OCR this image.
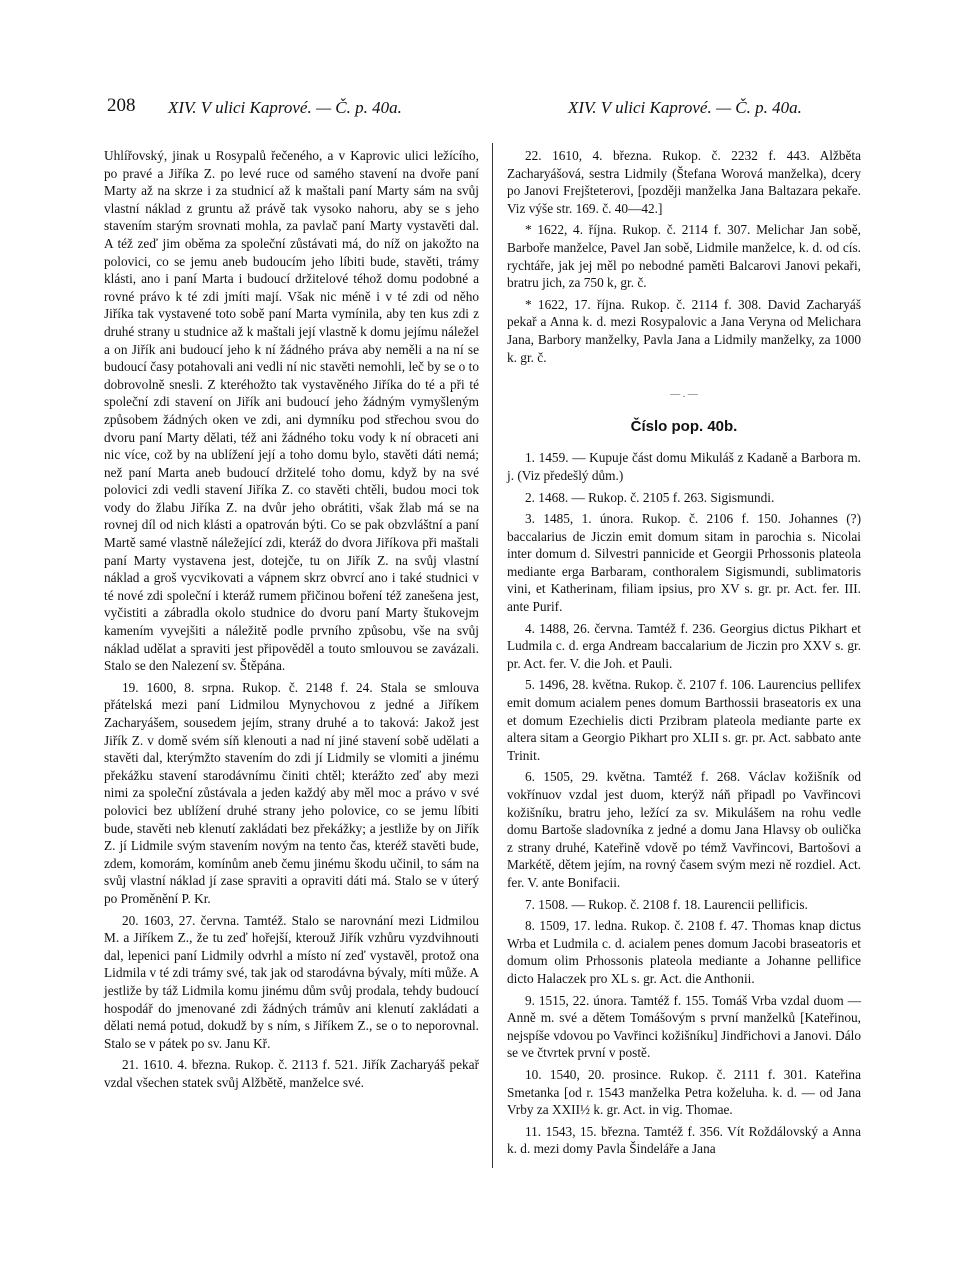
208 XIV. V ulici Kaprové. — Č. p. 40a.	XIV. V ulici Kaprové. — Č. p. 40a.

Uhlířovský, jinak u Rosypalů řečeného, a v Kaprovic ulici ležícího, po pravé a Jiříka Z. po levé ruce od samého stavení na dvoře paní Marty až na skrze i za studnicí až k maštali paní Marty sám na svůj vlastní náklad z gruntu až právě tak vysoko nahoru, aby se s jeho stavením starým srovnati mohla, za pavlač paní Marty vystavěti dal. A též zeď jim oběma za společní zůstávati má, do níž on jakožto na polovici, co se jemu aneb budoucím jeho líbiti bude, stavěti, trámy klásti, ano i paní Marta i budoucí držitelové téhož domu podobné a rovné právo k té zdi jmíti mají. Však nic méně i v té zdi od něho Jiříka tak vystavené toto sobě paní Marta vymínila, aby ten kus zdi z druhé strany u studnice až k maštali její vlastně k domu jejímu náležel a on Jiřík ani budoucí jeho k ní žádného práva aby neměli a na ní se budoucí časy potahovali ani vedli ní nic stavěti nemohli, leč by se o to dobrovolně snesli. Z kteréhožto tak vystavěného Jiříka do té a při té společní zdi stavení on Jiřík ani budoucí jeho žádným vymyšleným způsobem žádných oken ve zdi, ani dymníku pod střechou svou do dvoru paní Marty dělati, též ani žádného toku vody k ní obraceti ani nic více, což by na ublížení její a toho domu bylo, stavěti dáti nemá; než paní Marta aneb budoucí držitelé toho domu, když by na své polovici zdi vedli stavení Jiříka Z. co stavěti chtěli, budou moci tok vody do žlabu Jiříka Z. na dvůr jeho obrátiti, však žlab má se na rovnej díl od nich klásti a opatrován býti. Co se pak obzvláštní a paní Martě samé vlastně náležející zdi, kteráž do dvora Jiříkova při maštali paní Marty vystavena jest, dotejče, tu on Jiřík Z. na svůj vlastní náklad a groš vycvikovati a vápnem skrz obvrcí ano i také studnici v té nové zdi společní i kteráž rumem přičinou boření též zanešena jest, vyčistiti a zábradla okolo studnice do dvoru paní Marty štukovejm kamením vyvejšiti a náležitě podle prvního způsobu, vše na svůj náklad udělat a spraviti jest připověděl a touto smlouvou se zavázali. Stalo se den Nalezení sv. Štěpána.

19. 1600, 8. srpna. Rukop. č. 2148 f. 24. Stala se smlouva přátelská mezi paní Lidmilou Mynychovou z jedné a Jiříkem Zacharyášem, sousedem jejím, strany druhé a to taková: Jakož jest Jiřík Z. v domě svém síň klenouti a nad ní jiné stavení sobě udělati a stavěti dal, kterýmžto stavením do zdi jí Lidmily se vlomiti a jinému překážku stavení starodávnímu činiti chtěl; kterážto zeď aby mezi nimi za společní zůstávala a jeden každý aby měl moc a právo v své polovici bez ublížení druhé strany jeho polovice, co se jemu líbiti bude, stavěti neb klenutí zakládati bez překážky; a jestliže by on Jiřík Z. jí Lidmile svým stavením novým na tento čas, kteréž stavěti bude, zdem, komorám, komínům aneb čemu jinému škodu učinil, to sám na svůj vlastní náklad jí zase spraviti a opraviti dáti má. Stalo se v úterý po Proměnění P. Kr.

20. 1603, 27. června. Tamtéž. Stalo se narovnání mezi Lidmilou M. a Jiříkem Z., že tu zeď hořejší, kterouž Jiřík vzhůru vyzdvihnouti dal, lepenici paní Lidmily odvrhl a místo ní zeď vystavěl, protož ona Lidmila v té zdi trámy své, tak jak od starodávna bývaly, míti může. A jestliže by táž Lidmila komu jinému dům svůj prodala, tehdy budoucí hospodář do jmenované zdi žádných trámův ani klenutí zakládati a dělati nemá potud, dokudž by s ním, s Jiříkem Z., se o to neporovnal. Stalo se v pátek po sv. Janu Kř.

21. 1610. 4. března. Rukop. č. 2113 f. 521. Jiřík Zacharyáš pekař vzdal všechen statek svůj Alžbětě, manželce své.

22. 1610, 4. března. Rukop. č. 2232 f. 443. Alžběta Zacharyášová, sestra Lidmily (Štefana Worová manželka), dcery po Janovi Frejšteterovi, [později manželka Jana Baltazara pekaře. Viz výše str. 169. č. 40—42.]

* 1622, 4. října. Rukop. č. 2114 f. 307. Melichar Jan sobě, Barboře manželce, Pavel Jan sobě, Lidmile manželce, k. d. od cís. rychtáře, jak jej měl po nebodné paměti Balcarovi Janovi pekaři, bratru jich, za 750 k, gr. č.

* 1622, 17. října. Rukop. č. 2114 f. 308. David Zacharyáš pekař a Anna k. d. mezi Rosypalovic a Jana Veryna od Melichara Jana, Barbory manželky, Pavla Jana a Lidmily manželky, za 1000 k. gr. č.

— . —
Číslo pop. 40b.

1. 1459. — Kupuje část domu Mikuláš z Kadaně a Barbora m. j. (Viz předešlý dům.)

2. 1468. — Rukop. č. 2105 f. 263. Sigismundi.

3. 1485, 1. února. Rukop. č. 2106 f. 150. Johannes (?) baccalarius de Jiczin emit domum sitam in parochia s. Nicolai inter domum d. Silvestri pannicide et Georgii Prhossonis plateola mediante erga Barbaram, conthoralem Sigismundi, sublimatoris vini, et Katherinam, filiam ipsius, pro XV s. gr. pr. Act. fer. III. ante Purif.

4. 1488, 26. června. Tamtéž f. 236. Georgius dictus Pikhart et Ludmila c. d. erga Andream baccalarium de Jiczin pro XXV s. gr. pr. Act. fer. V. die Joh. et Pauli.

5. 1496, 28. května. Rukop. č. 2107 f. 106. Laurencius pellifex emit domum acialem penes domum Barthossii braseatoris ex una et domum Ezechielis dicti Przibram plateola mediante parte ex altera sitam a Georgio Pikhart pro XLII s. gr. pr. Act. sabbato ante Trinit.

6. 1505, 29. května. Tamtéž f. 268. Václav kožišník od vokřínuov vzdal jest duom, kterýž náň připadl po Vavřincovi kožišníku, bratru jeho, ležící za sv. Mikulášem na rohu vedle domu Bartoše sladovníka z jedné a domu Jana Hlavsy ob oulička z strany druhé, Kateřině vdově po témž Vavřincovi, Bartošovi a Markétě, dětem jejím, na rovný časem svým mezi ně rozdiel. Act. fer. V. ante Bonifacii.

7. 1508. — Rukop. č. 2108 f. 18. Laurencii pellificis.

8. 1509, 17. ledna. Rukop. č. 2108 f. 47. Thomas knap dictus Wrba et Ludmila c. d. acialem penes domum Jacobi braseatoris et domum olim Prhossonis plateola mediante a Johanne pellifice dicto Halaczek pro XL s. gr. Act. die Anthonii.

9. 1515, 22. února. Tamtéž f. 155. Tomáš Vrba vzdal duom — Anně m. své a dětem Tomášovým s první manželků [Kateřinou, nejspíše vdovou po Vavřinci kožišníku] Jindřichovi a Janovi. Dálo se ve čtvrtek první v postě.

10. 1540, 20. prosince. Rukop. č. 2111 f. 301. Kateřina Smetanka [od r. 1543 manželka Petra koželuha. k. d. — od Jana Vrby za XXII½ k. gr. Act. in vig. Thomae.

11. 1543, 15. března. Tamtéž f. 356. Vít Roždálovský a Anna k. d. mezi domy Pavla Šindeláře a Jana
